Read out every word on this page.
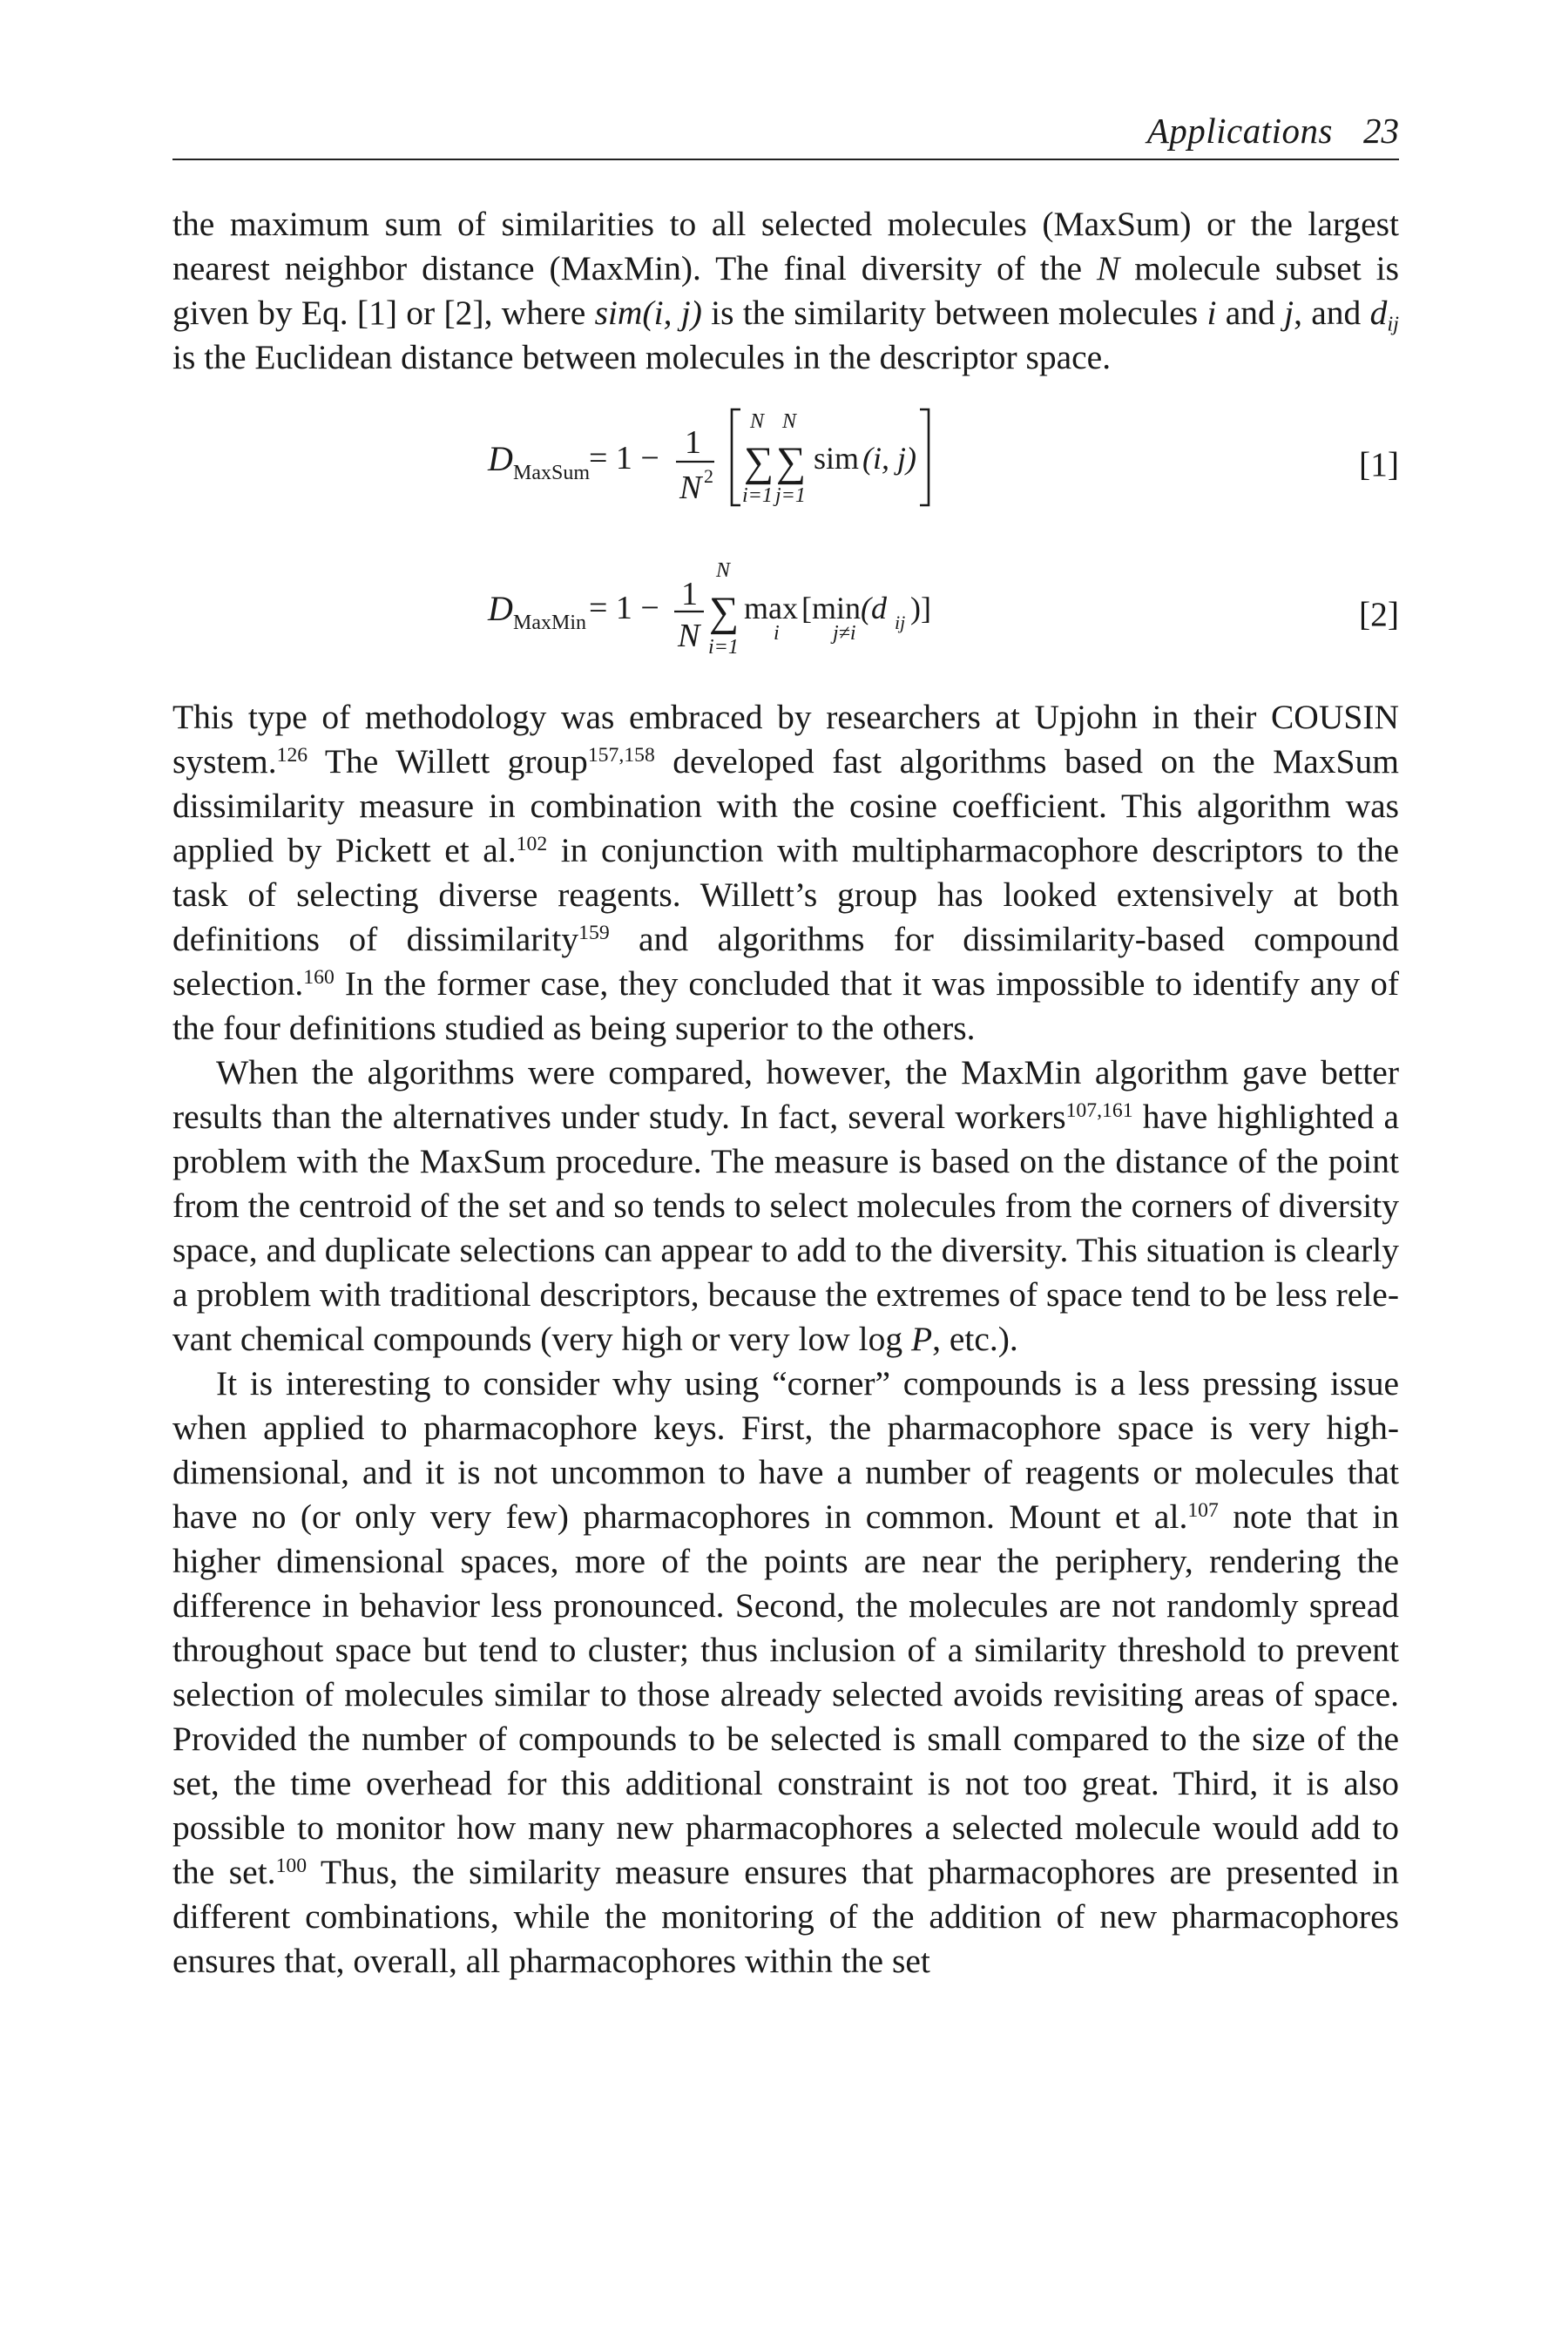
Applications 23

the maximum sum of similarities to all selected molecules (MaxSum) or the largest nearest neighbor distance (MaxMin). The final diversity of the N molecule subset is given by Eq. [1] or [2], where sim(i, j) is the similarity between molecules i and j, and $d_{ij}$ is the Euclidean distance between molecules in the descriptor space.

D MaxSum
= 1 − 1
N 2
N
∑
i=1
N
∑
j=1
sim (i, j)	[1]
D MaxMin = 1 − 1
N
N
∑
i=1
max
i
[min
j≠i
(d ij )]	[2]

This type of methodology was embraced by researchers at Upjohn in their COUSIN system.$^{126}$ The Willett group$^{157,158}$ developed fast algorithms based on the MaxSum dissimilarity measure in combination with the cosine coefficient. This algorithm was applied by Pickett et al.$^{102}$ in conjunction with multipharmacophore descriptors to the task of selecting diverse reagents. Willett’s group has looked extensively at both definitions of dissimilarity$^{159}$ and algorithms for dissimilarity-based compound selection.$^{160}$ In the former case, they concluded that it was impossible to identify any of the four definitions studied as being superior to the others.

When the algorithms were compared, however, the MaxMin algorithm gave better results than the alternatives under study. In fact, several workers$^{107,161}$ have highlighted a problem with the MaxSum procedure. The measure is based on the distance of the point from the centroid of the set and so tends to select molecules from the corners of diversity space, and duplicate selections can appear to add to the diversity. This situation is clearly a problem with traditional descriptors, because the extremes of space tend to be less relevant chemical compounds (very high or very low log P, etc.).

It is interesting to consider why using “corner” compounds is a less pressing issue when applied to pharmacophore keys. First, the pharmacophore space is very high-dimensional, and it is not uncommon to have a number of reagents or molecules that have no (or only very few) pharmacophores in common. Mount et al.$^{107}$ note that in higher dimensional spaces, more of the points are near the periphery, rendering the difference in behavior less pronounced. Second, the molecules are not randomly spread throughout space but tend to cluster; thus inclusion of a similarity threshold to prevent selection of molecules similar to those already selected avoids revisiting areas of space. Provided the number of compounds to be selected is small compared to the size of the set, the time overhead for this additional constraint is not too great. Third, it is also possible to monitor how many new pharmacophores a selected molecule would add to the set.$^{100}$ Thus, the similarity measure ensures that pharmacophores are presented in different combinations, while the monitoring of the addition of new pharmacophores ensures that, overall, all pharmacophores within the set
